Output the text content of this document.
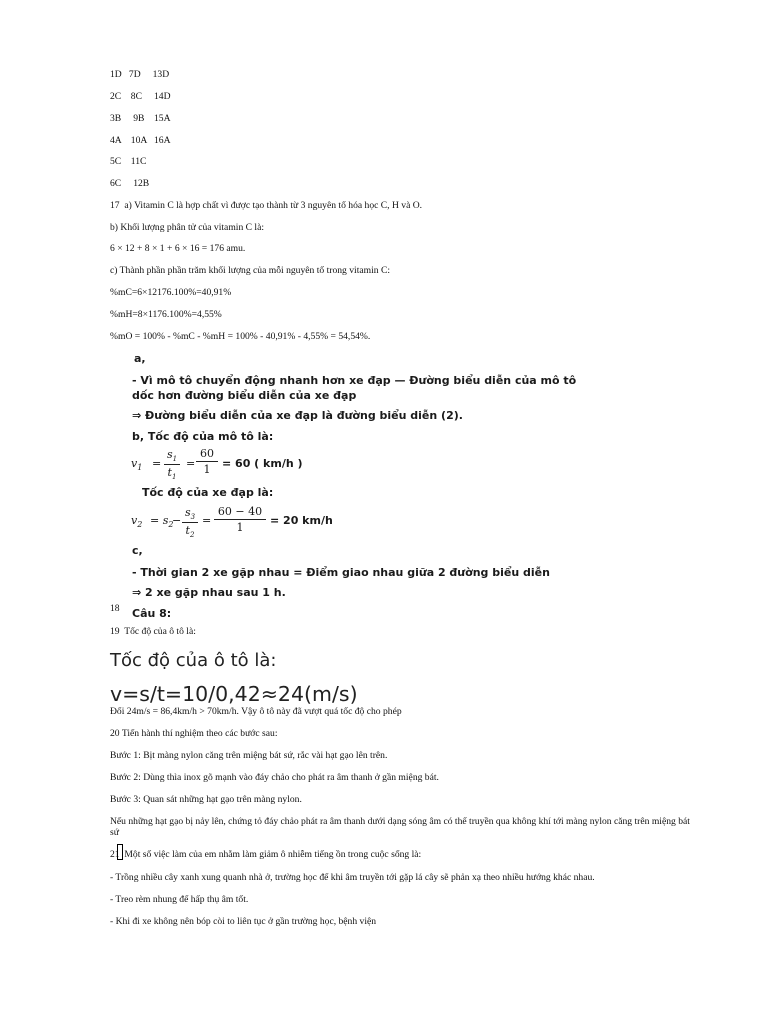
1D   7D     13D

2C    8C     14D

3B     9B    15A

4A    10A   16A

5C    11C

6C     12B

17  a) Vitamin C là hợp chất vì được tạo thành từ 3 nguyên tố hóa học C, H và O.

b) Khối lượng phân tử của vitamin C là:

6 × 12 + 8 × 1 + 6 × 16 = 176 amu.

c) Thành phần phần trăm khối lượng của mỗi nguyên tố trong vitamin C:

%mC=6×12176.100%=40,91%

%mH=8×1176.100%=4,55%

%mO = 100% - %mC - %mH = 100% - 40,91% - 4,55% = 54,54%.

a,
- Vì mô tô chuyển động nhanh hơn xe đạp — Đường biểu diễn của mô tô
dốc hơn đường biểu diễn của xe đạp
⇒ Đường biểu diễn của xe đạp là đường biểu diễn (2).
b, Tốc độ của mô tô là:
$v_1$ =
$s_1$
$t_1$
=
60
1	= 60 ( km/h )
Tốc độ của xe đạp là:
$v_2 = s_2$
−
$s_3$
$t_2$
=
60 − 40
1
= 20 km/h
c,
- Thời gian 2 xe gặp nhau = Điểm giao nhau giữa 2 đường biểu diễn
⇒ 2 xe gặp nhau sau 1 h.
Câu 8:

18

19  Tốc độ của ô tô là:

Tốc độ của ô tô là:
v=s/t=10/0,42≈24(m/s)

Đổi 24m/s = 86,4km/h > 70km/h. Vậy ô tô này đã vượt quá tốc độ cho phép

20 Tiến hành thí nghiệm theo các bước sau:

Bước 1: Bịt màng nylon căng trên miệng bát sứ, rắc vài hạt gạo lên trên.

Bước 2: Dùng thìa inox gõ mạnh vào đáy chảo cho phát ra âm thanh ở gần miệng bát.

Bước 3: Quan sát những hạt gạo trên màng nylon.

Nếu những hạt gạo bị nảy lên, chứng tỏ đáy chảo phát ra âm thanh dưới dạng sóng âm có thể truyền qua không khí tới màng nylon căng trên miệng bát sứ

21  Một số việc làm của em nhằm làm giảm ô nhiễm tiếng ồn trong cuộc sống là:

- Trồng nhiều cây xanh xung quanh nhà ở, trường học để khi âm truyền tới gặp lá cây sẽ phản xạ theo nhiều hướng khác nhau.

- Treo rèm nhung để hấp thụ âm tốt.

- Khi đi xe không nên bóp còi to liên tục ở gần trường học, bệnh viện
